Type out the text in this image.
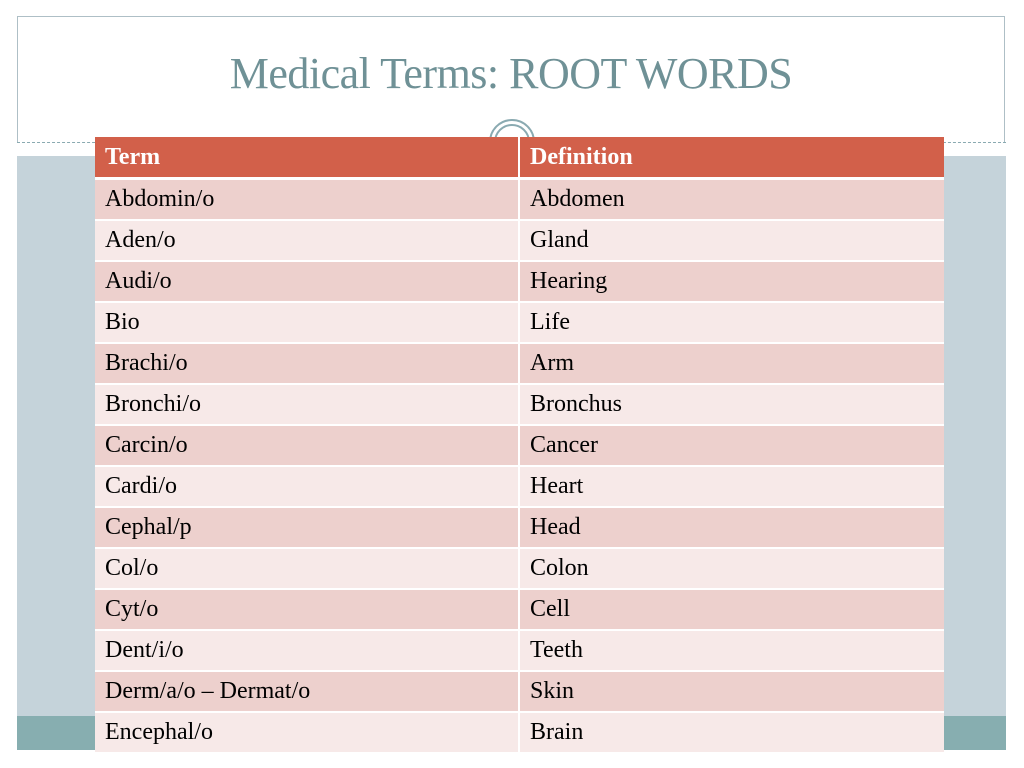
Medical Terms: ROOT WORDS
Term	Definition
Abdomin/o	Abdomen
Aden/o	Gland
Audi/o	Hearing
Bio	Life
Brachi/o	Arm
Bronchi/o	Bronchus
Carcin/o	Cancer
Cardi/o	Heart
Cephal/p	Head
Col/o	Colon
Cyt/o	Cell
Dent/i/o	Teeth
Derm/a/o – Dermat/o	Skin
Encephal/o	Brain
